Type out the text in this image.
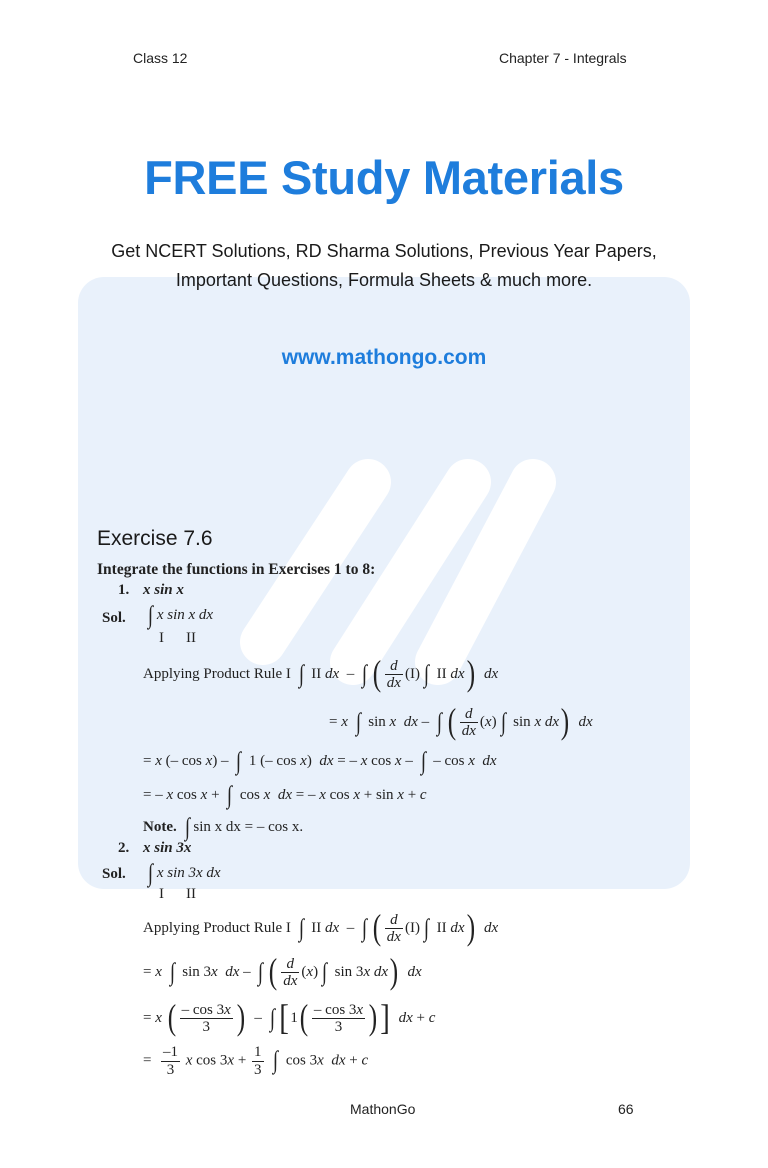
Class 12	Chapter 7 - Integrals
FREE Study Materials
Get NCERT Solutions, RD Sharma Solutions, Previous Year Papers,
Important Questions, Formula Sheets & much more.
www.mathongo.com
Exercise 7.6
Integrate the functions in Exercises 1 to 8:
1. x sin x
Sol. ∫ x sin x dx
I II
Applying Product Rule I ∫ II dx  – ∫ ( $\frac{d}{dx} (I)$ ∫ II dx) dx
= x ∫ sin x dx – ∫ ( $\frac{d}{dx} (x)$ ∫ sin x dx) dx
= x (– cos x) – ∫ 1 (– cos x)  dx = – x cos x – ∫ – cos x dx
= – x cos x + ∫ cos x dx = – x cos x + sin x + c
Note. ∫ sin x dx = – cos x.
2. x sin 3x
Sol. ∫ x sin 3x dx
I II
Applying Product Rule I ∫ II dx  – ∫ ( $\frac{d}{dx} (I)$ ∫ II dx) dx
= x ∫ sin 3x dx – ∫ ( $\frac{d}{dx} (x)$ ∫ sin 3x dx) dx
= x ( $\frac{- \cos 3x}{3}$ )  – ∫ [$1( \frac{- \cos 3x}{3}$ )] dx + c
= $\frac{-1}{3}$ x $\cos 3x + \frac{1}{3}$ ∫ cos 3x dx + c
MathonGo	66
